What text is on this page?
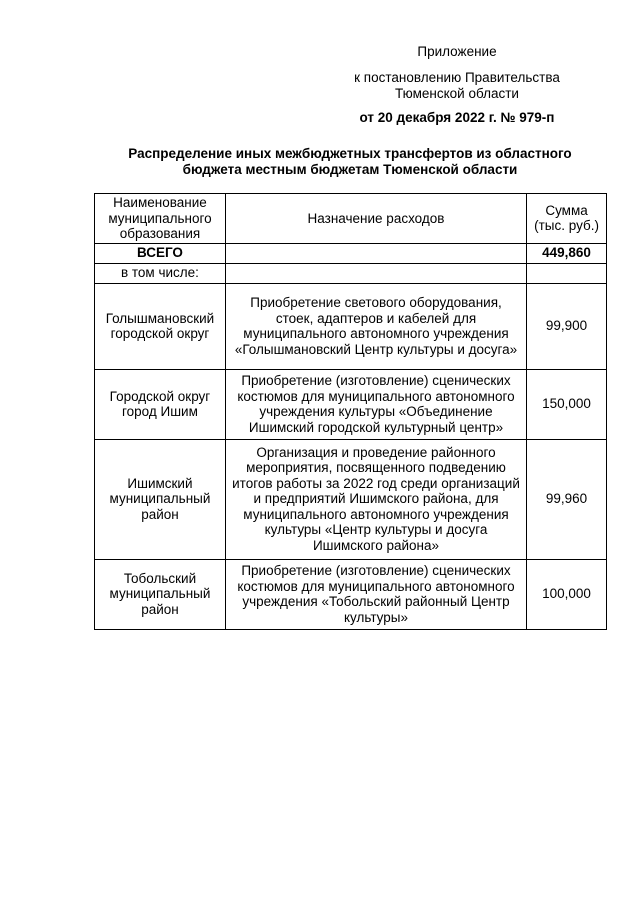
Приложение
к постановлению Правительства
Тюменской области
от 20 декабря 2022 г. № 979-п
Распределение иных межбюджетных трансфертов из областного
бюджета местным бюджетам Тюменской области
Наименование муниципального образования	Назначение расходов	Сумма (тыс. руб.)
ВСЕГО		449,860
в том числе:		
Голышмановский городской округ	Приобретение светового оборудования, стоек, адаптеров и кабелей для муниципального автономного учреждения «Голышмановский Центр культуры и досуга»	99,900
Городской округ город Ишим	Приобретение (изготовление) сценических костюмов для муниципального автономного учреждения культуры «Объединение Ишимский городской культурный центр»	150,000
Ишимский муниципальный район	Организация и проведение районного мероприятия, посвященного подведению итогов работы за 2022 год среди организаций и предприятий Ишимского района, для муниципального автономного учреждения культуры «Центр культуры и досуга Ишимского района»	99,960
Тобольский муниципальный район	Приобретение (изготовление) сценических костюмов для муниципального автономного учреждения «Тобольский районный Центр культуры»	100,000
